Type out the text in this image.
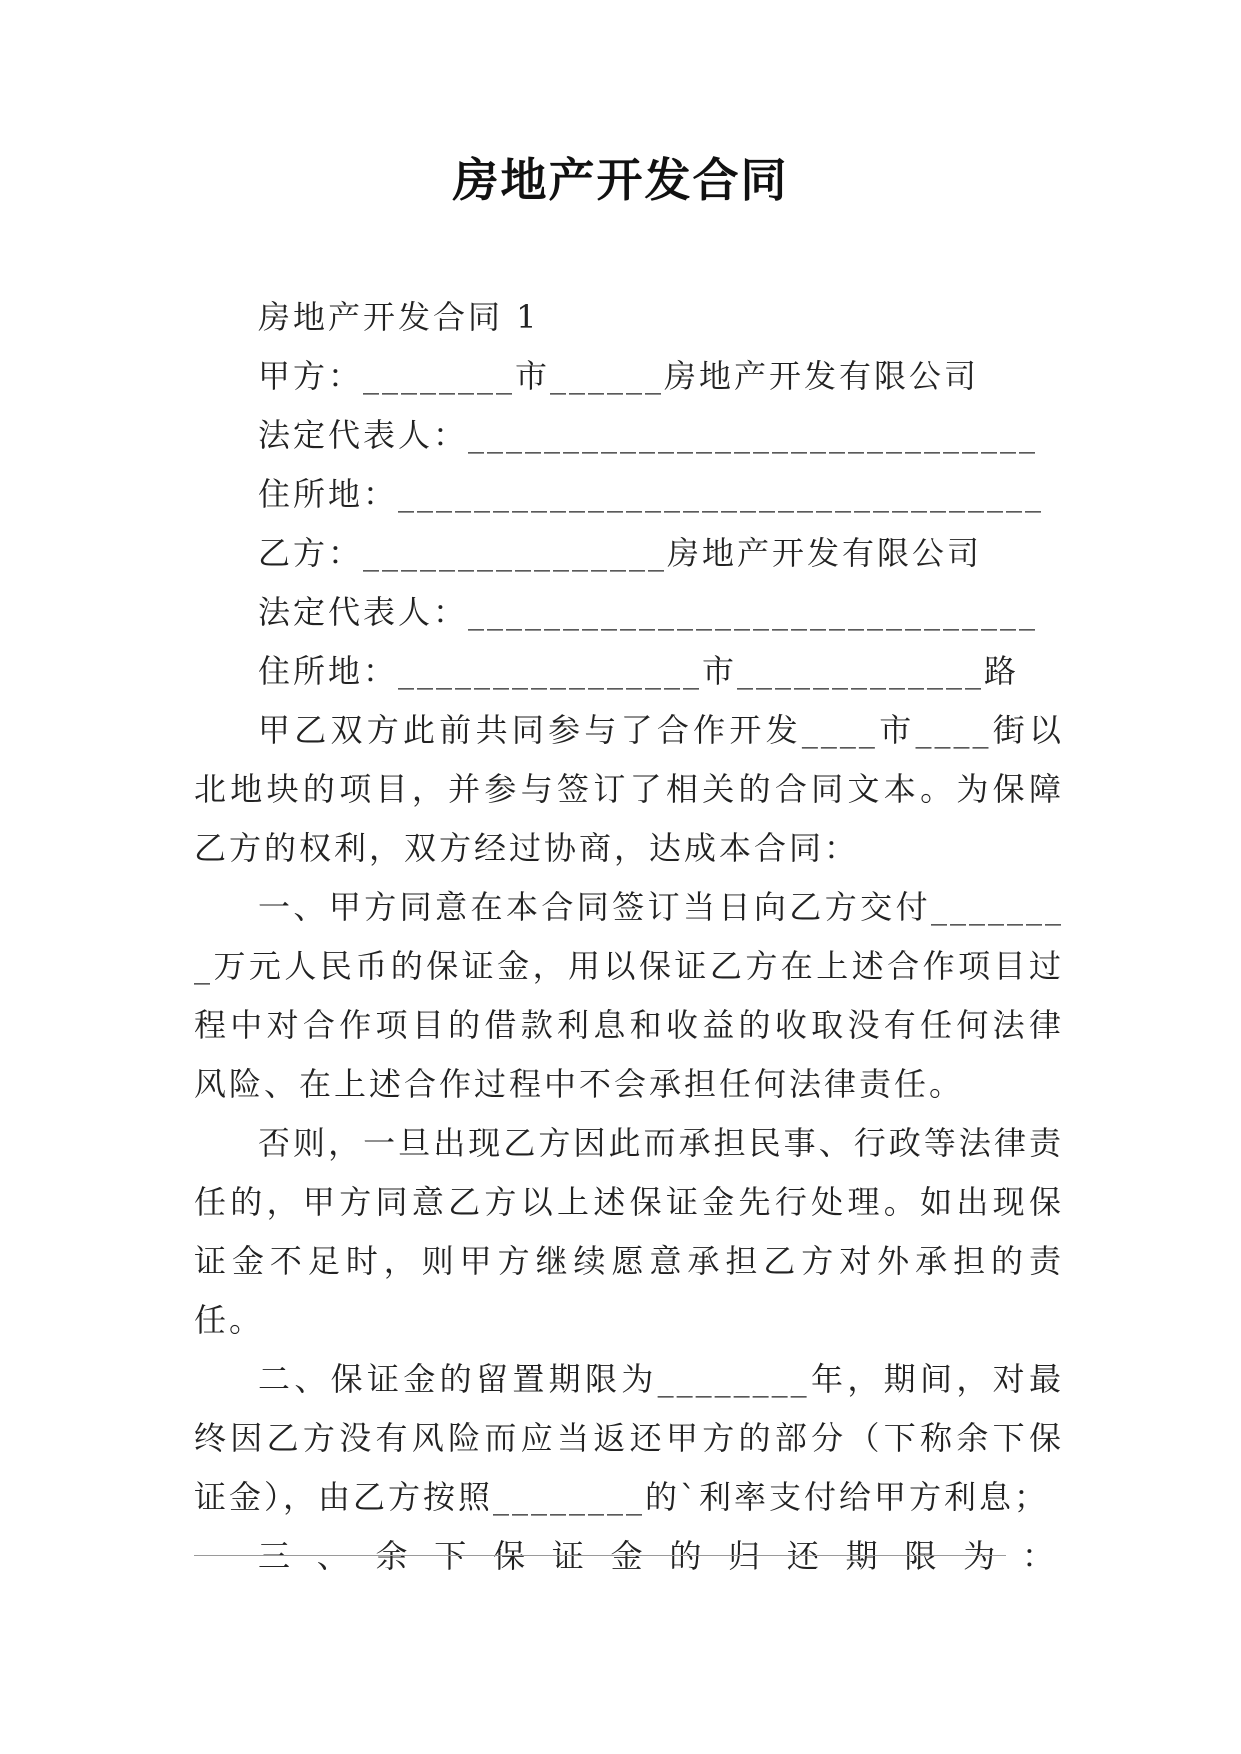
房地产开发合同
房地产开发合同 1
甲方：________市______房地产开发有限公司
法定代表人：______________________________
住所地：__________________________________
乙方：________________房地产开发有限公司
法定代表人：______________________________
住所地：________________市_____________路
甲乙双方此前共同参与了合作开发____市____街以北地块的项目，并参与签订了相关的合同文本。为保障乙方的权利，双方经过协商，达成本合同：
一、甲方同意在本合同签订当日向乙方交付________万元人民币的保证金，用以保证乙方在上述合作项目过程中对合作项目的借款利息和收益的收取没有任何法律风险、在上述合作过程中不会承担任何法律责任。
否则，一旦出现乙方因此而承担民事、行政等法律责任的，甲方同意乙方以上述保证金先行处理。如出现保证金不足时，则甲方继续愿意承担乙方对外承担的责任。
二、保证金的留置期限为________年，期间，对最终因乙方没有风险而应当返还甲方的部分（下称余下保证金），由乙方按照________的`利率支付给甲方利息；
三、余下保证金的归还期限为：
